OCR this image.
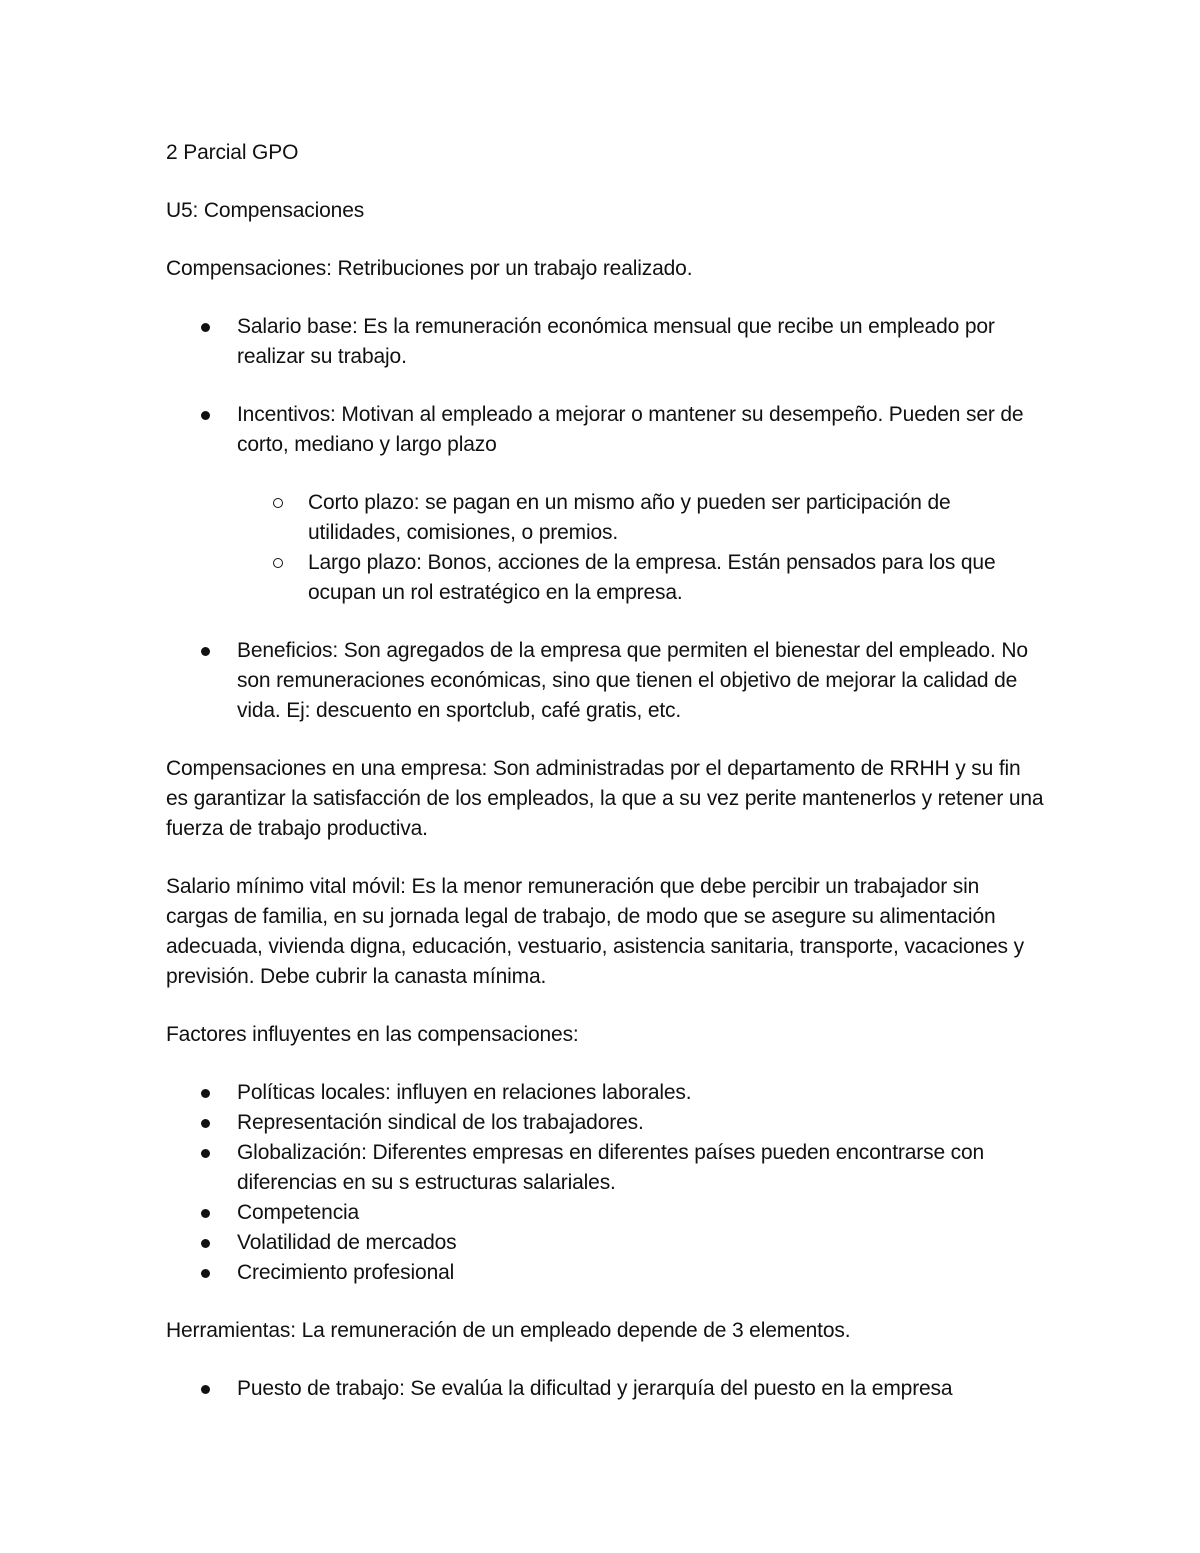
2 Parcial GPO

U5: Compensaciones

Compensaciones: Retribuciones por un trabajo realizado.

Salario base: Es la remuneración económica mensual que recibe un empleado por realizar su trabajo.
Incentivos: Motivan al empleado a mejorar o mantener su desempeño. Pueden ser de corto, mediano y largo plazo
Corto plazo: se pagan en un mismo año y pueden ser participación de utilidades, comisiones, o premios.
Largo plazo: Bonos, acciones de la empresa. Están pensados para los que ocupan un rol estratégico en la empresa.
Beneficios: Son agregados de la empresa que permiten el bienestar del empleado. No son remuneraciones económicas, sino que tienen el objetivo de mejorar la calidad de vida. Ej: descuento en sportclub, café gratis, etc.

Compensaciones en una empresa: Son administradas por el departamento de RRHH y su fin es garantizar la satisfacción de los empleados, la que a su vez perite mantenerlos y retener una fuerza de trabajo productiva.

Salario mínimo vital móvil: Es la menor remuneración que debe percibir un trabajador sin cargas de familia, en su jornada legal de trabajo, de modo que se asegure su alimentación adecuada, vivienda digna, educación, vestuario, asistencia sanitaria, transporte, vacaciones y previsión. Debe cubrir la canasta mínima.

Factores influyentes en las compensaciones:

Políticas locales: influyen en relaciones laborales.
Representación sindical de los trabajadores.
Globalización: Diferentes empresas en diferentes países pueden encontrarse con diferencias en su s estructuras salariales.
Competencia
Volatilidad de mercados
Crecimiento profesional

Herramientas: La remuneración de un empleado depende de 3 elementos.

Puesto de trabajo: Se evalúa la dificultad y jerarquía del puesto en la empresa
